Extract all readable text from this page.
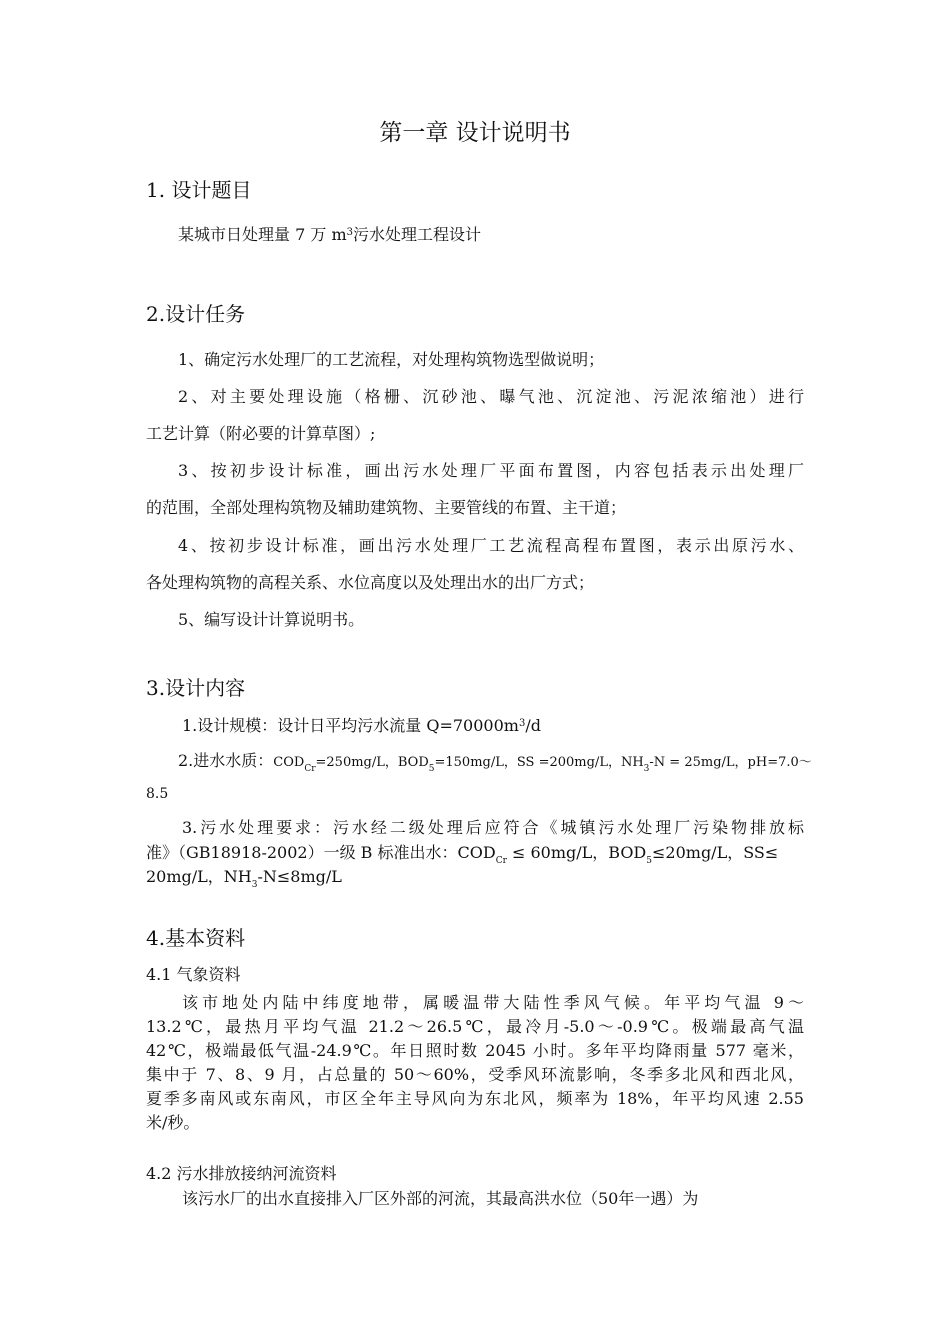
第一章 设计说明书
1. 设计题目
某城市日处理量 7 万 $m^3$污水处理工程设计
2.设计任务
1、确定污水处理厂的工艺流程，对处理构筑物选型做说明；
2、对主要处理设施（格栅、沉砂池、曝气池、沉淀池、污泥浓缩池）进行
工艺计算（附必要的计算草图）;
3、按初步设计标准，画出污水处理厂平面布置图，内容包括表示出处理厂
的范围，全部处理构筑物及辅助建筑物、主要管线的布置、主干道；
4、按初步设计标准，画出污水处理厂工艺流程高程布置图，表示出原污水、
各处理构筑物的高程关系、水位高度以及处理出水的出厂方式；
5、编写设计计算说明书。
3.设计内容
1.设计规模：设计日平均污水流量 $Q=70000m^3/d$
2.进水水质：$COD_{Cr}=250mg/L$，$BOD_5=150mg/L$，SS =200mg/L，$NH_3-N = 25mg/L$，pH=7.0～
8.5
3.污水处理要求：污水经二级处理后应符合《城镇污水处理厂污染物排放标
准》（GB18918-2002）一级 B 标准出水：$COD_{Cr} \le 60mg/L$，$BOD_5\le 20mg/L$，SS≤
20mg/L，$NH_3-N\le 8mg/L$
4.基本资料
4.1 气象资料
该市地处内陆中纬度地带，属暖温带大陆性季风气候。年平均气温 9～
13.2℃，最热月平均气温 21.2～26.5℃，最冷月-5.0～-0.9℃。极端最高气温
42℃，极端最低气温-24.9℃。年日照时数 2045 小时。多年平均降雨量 577 毫米，
集中于 7、8、9 月，占总量的 50～60%，受季风环流影响，冬季多北风和西北风，
夏季多南风或东南风，市区全年主导风向为东北风，频率为 18%，年平均风速 2.55
米/秒。
4.2 污水排放接纳河流资料
该污水厂的出水直接排入厂区外部的河流，其最高洪水位（50年一遇）为
